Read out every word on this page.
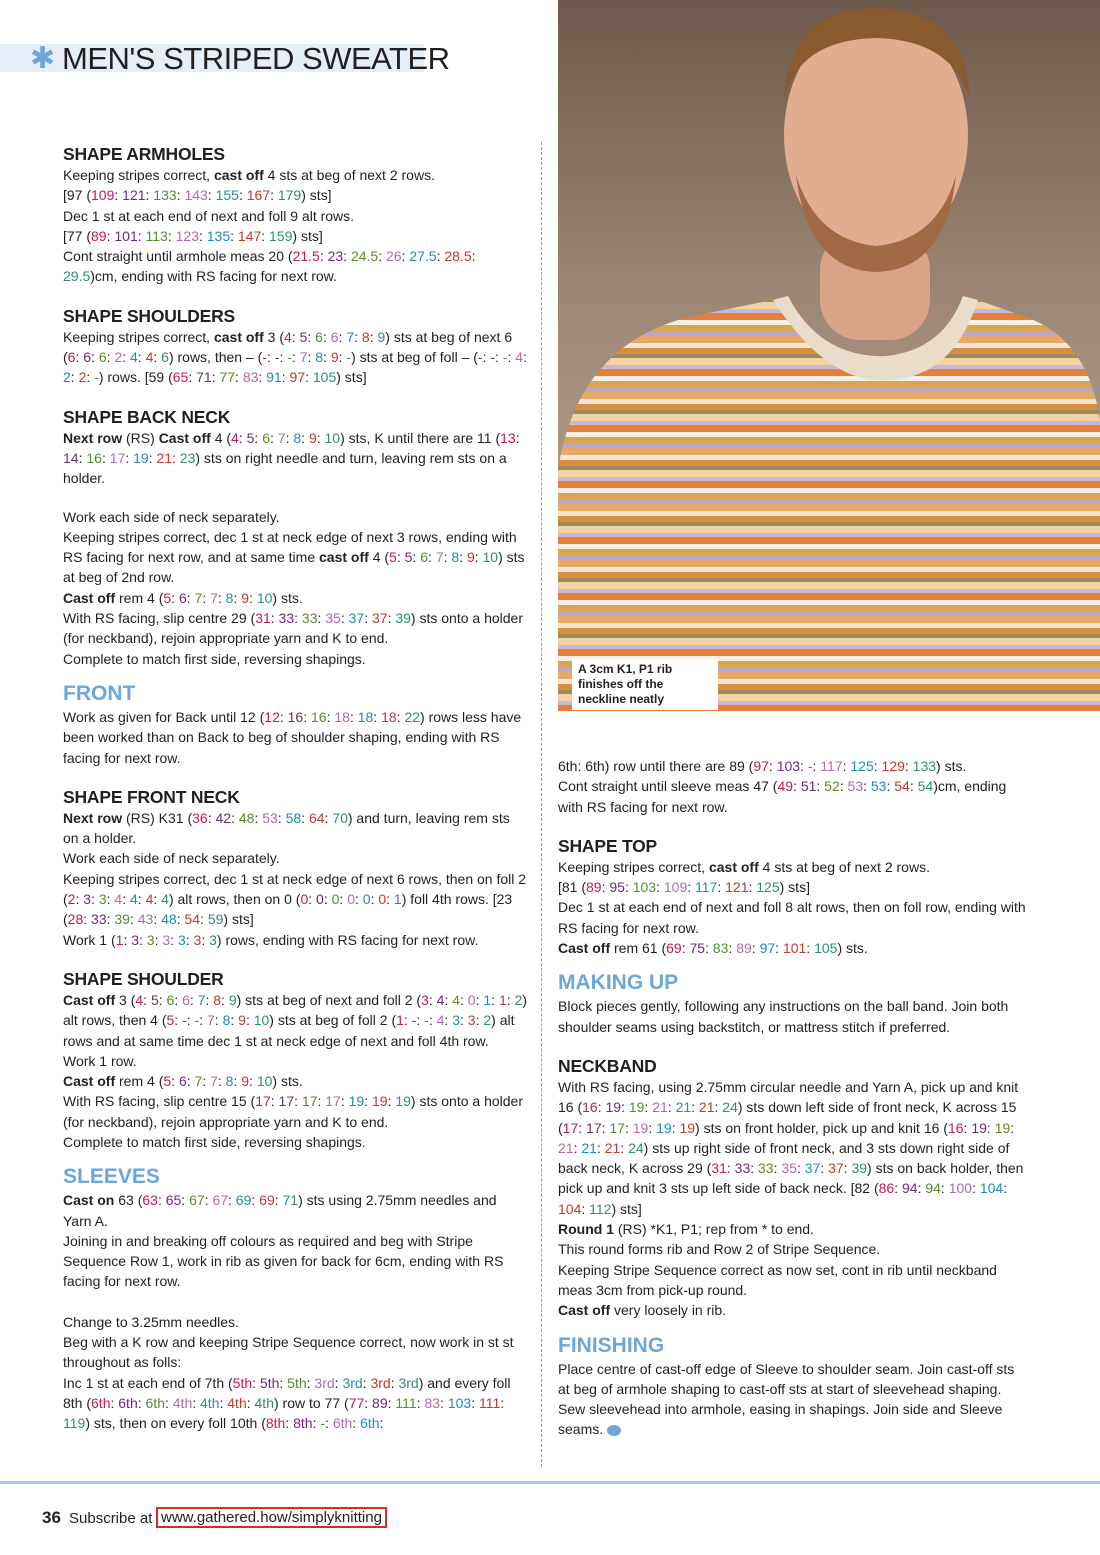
✱ MEN'S STRIPED SWEATER
SHAPE ARMHOLES

Keeping stripes correct, cast off 4 sts at beg of next 2 rows.

[97 (109: 121: 133: 143: 155: 167: 179) sts]

Dec 1 st at each end of next and foll 9 alt rows.

[77 (89: 101: 113: 123: 135: 147: 159) sts]

Cont straight until armhole meas 20 (21.5: 23: 24.5: 26: 27.5: 28.5: 29.5)cm, ending with RS facing for next row.

SHAPE SHOULDERS

Keeping stripes correct, cast off 3 (4: 5: 6: 6: 7: 8: 9) sts at beg of next 6 (6: 6: 6: 2: 4: 4: 6) rows, then – (-: -: -: 7: 8: 9: -) sts at beg of foll – (-: -: -: 4: 2: 2: -) rows. [59 (65: 71: 77: 83: 91: 97: 105) sts]

SHAPE BACK NECK

Next row (RS) Cast off 4 (4: 5: 6: 7: 8: 9: 10) sts, K until there are 11 (13: 14: 16: 17: 19: 21: 23) sts on right needle and turn, leaving rem sts on a holder.

Work each side of neck separately.

Keeping stripes correct, dec 1 st at neck edge of next 3 rows, ending with RS facing for next row, and at same time cast off 4 (5: 5: 6: 7: 8: 9: 10) sts at beg of 2nd row.

Cast off rem 4 (5: 6: 7: 7: 8: 9: 10) sts.

With RS facing, slip centre 29 (31: 33: 33: 35: 37: 37: 39) sts onto a holder (for neckband), rejoin appropriate yarn and K to end.

Complete to match first side, reversing shapings.

FRONT

Work as given for Back until 12 (12: 16: 16: 18: 18: 18: 22) rows less have been worked than on Back to beg of shoulder shaping, ending with RS facing for next row.

SHAPE FRONT NECK

Next row (RS) K31 (36: 42: 48: 53: 58: 64: 70) and turn, leaving rem sts on a holder.

Work each side of neck separately.

Keeping stripes correct, dec 1 st at neck edge of next 6 rows, then on foll 2 (2: 3: 3: 4: 4: 4: 4) alt rows, then on 0 (0: 0: 0: 0: 0: 0: 1) foll 4th rows. [23 (28: 33: 39: 43: 48: 54: 59) sts]

Work 1 (1: 3: 3: 3: 3: 3: 3) rows, ending with RS facing for next row.

SHAPE SHOULDER

Cast off 3 (4: 5: 6: 6: 7: 8: 9) sts at beg of next and foll 2 (3: 4: 4: 0: 1: 1: 2) alt rows, then 4 (5: -: -: 7: 8: 9: 10) sts at beg of foll 2 (1: -: -: 4: 3: 3: 2) alt rows and at same time dec 1 st at neck edge of next and foll 4th row.

Work 1 row.

Cast off rem 4 (5: 6: 7: 7: 8: 9: 10) sts.

With RS facing, slip centre 15 (17: 17: 17: 17: 19: 19: 19) sts onto a holder (for neckband), rejoin appropriate yarn and K to end.

Complete to match first side, reversing shapings.

SLEEVES

Cast on 63 (63: 65: 67: 67: 69: 69: 71) sts using 2.75mm needles and Yarn A.

Joining in and breaking off colours as required and beg with Stripe Sequence Row 1, work in rib as given for back for 6cm, ending with RS facing for next row.

Change to 3.25mm needles.

Beg with a K row and keeping Stripe Sequence correct, now work in st st throughout as folls:

Inc 1 st at each end of 7th (5th: 5th: 5th: 3rd: 3rd: 3rd: 3rd) and every foll 8th (6th: 6th: 6th: 4th: 4th: 4th: 4th) row to 77 (77: 89: 111: 83: 103: 111: 119) sts, then on every foll 10th (8th: 8th: -: 6th: 6th:

A 3cm K1, P1 rib finishes off the neckline neatly

6th: 6th) row until there are 89 (97: 103: -: 117: 125: 129: 133) sts.

Cont straight until sleeve meas 47 (49: 51: 52: 53: 53: 54: 54)cm, ending with RS facing for next row.

SHAPE TOP

Keeping stripes correct, cast off 4 sts at beg of next 2 rows.

[81 (89: 95: 103: 109: 117: 121: 125) sts]

Dec 1 st at each end of next and foll 8 alt rows, then on foll row, ending with RS facing for next row.

Cast off rem 61 (69: 75: 83: 89: 97: 101: 105) sts.

MAKING UP

Block pieces gently, following any instructions on the ball band. Join both shoulder seams using backstitch, or mattress stitch if preferred.

NECKBAND

With RS facing, using 2.75mm circular needle and Yarn A, pick up and knit 16 (16: 19: 19: 21: 21: 21: 24) sts down left side of front neck, K across 15 (17: 17: 17: 19: 19: 19) sts on front holder, pick up and knit 16 (16: 19: 19: 21: 21: 21: 24) sts up right side of front neck, and 3 sts down right side of back neck, K across 29 (31: 33: 33: 35: 37: 37: 39) sts on back holder, then pick up and knit 3 sts up left side of back neck. [82 (86: 94: 94: 100: 104: 104: 112) sts]

Round 1 (RS) *K1, P1; rep from * to end.

This round forms rib and Row 2 of Stripe Sequence.

Keeping Stripe Sequence correct as now set, cont in rib until neckband meas 3cm from pick-up round.

Cast off very loosely in rib.

FINISHING

Place centre of cast-off edge of Sleeve to shoulder seam. Join cast-off sts at beg of armhole shaping to cast-off sts at start of sleevehead shaping. Sew sleevehead into armhole, easing in shapings. Join side and Sleeve seams.

36 Subscribe at www.gathered.how/simplyknitting
